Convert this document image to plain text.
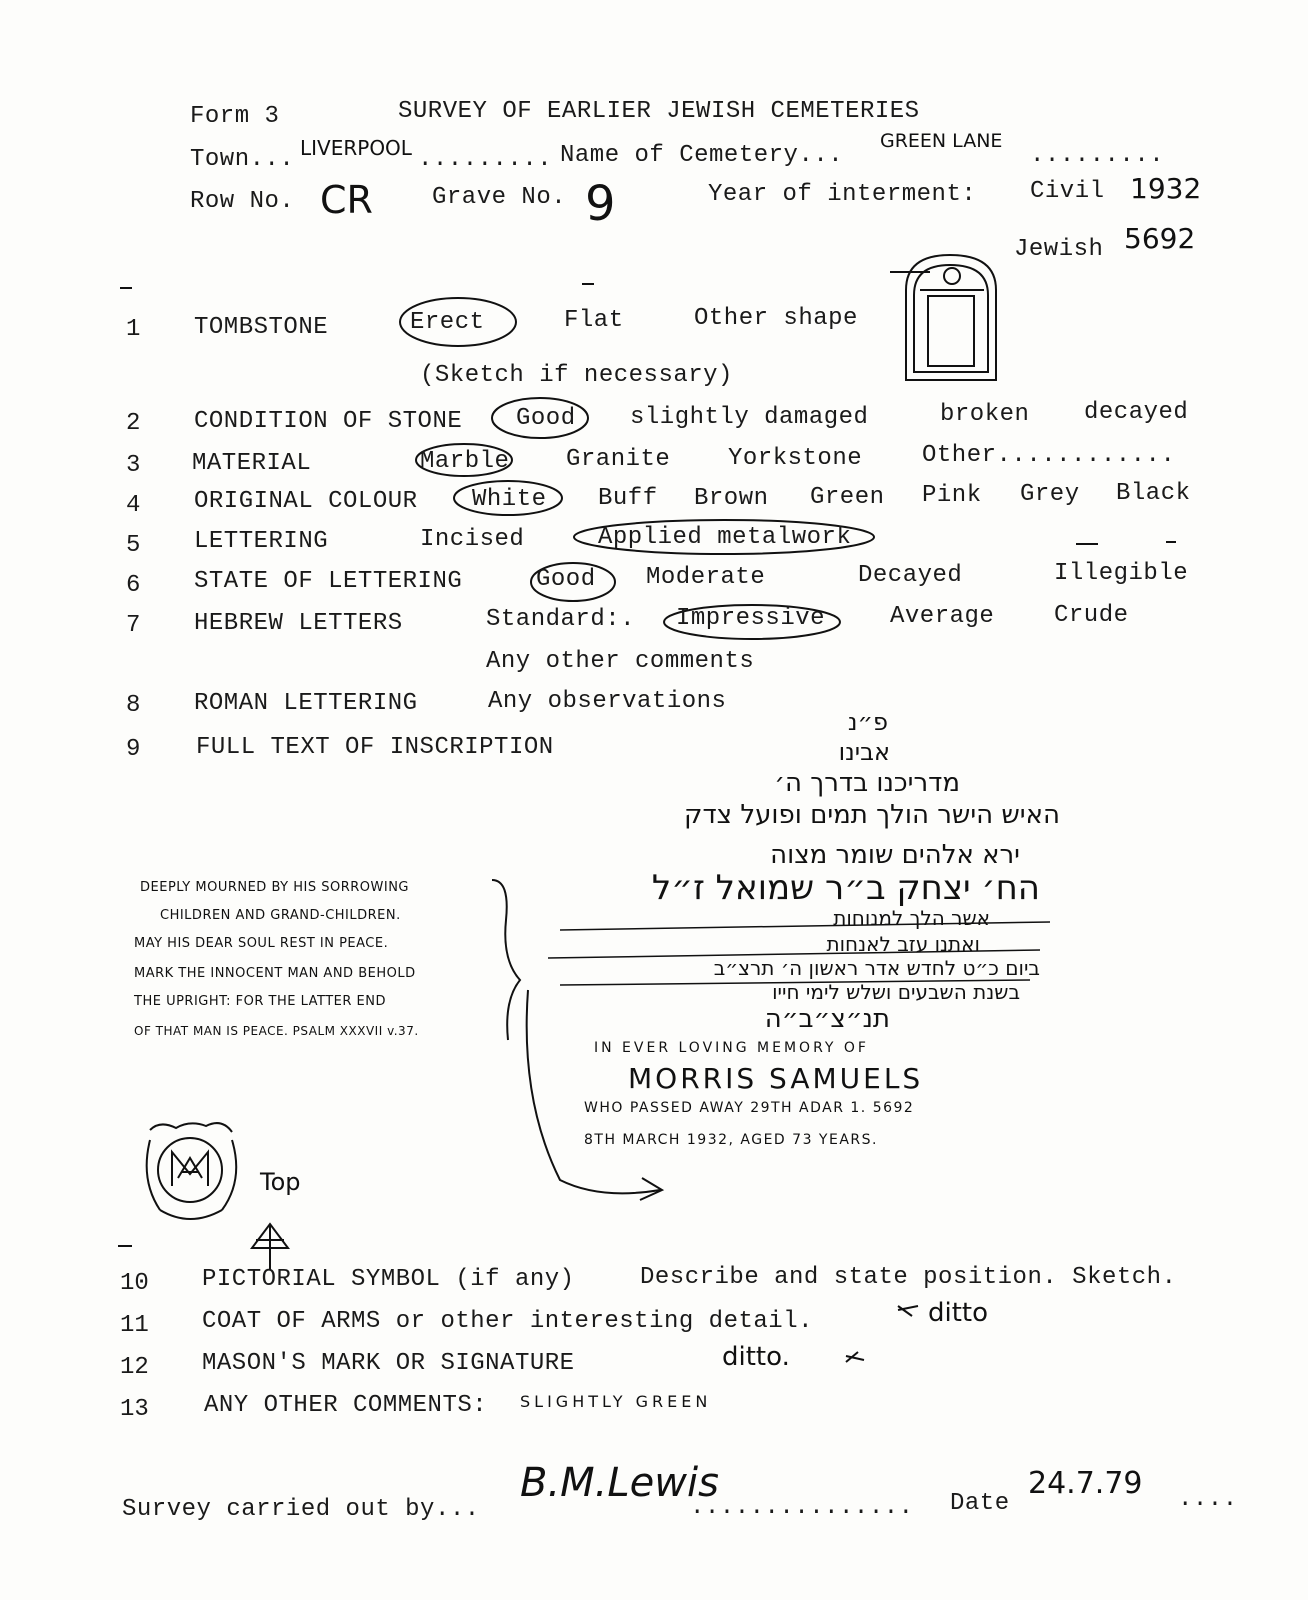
Form 3	SURVEY OF EARLIER JEWISH CEMETERIES
Town... LIVERPOOL ......... Name of Cemetery...
GREEN LANE
.........
Row No. CR Grave No. 9	Year of interment: Civil 1932
Jewish 5692
1 TOMBSTONE	Erect	Flat	Other shape
(Sketch if necessary)
2 CONDITION OF STONE Good slightly damaged	broken decayed
3 MATERIAL	Marble Granite Yorkstone Other............
4 ORIGINAL COLOUR White Buff Brown Green Pink Grey Black
5 LETTERING	Incised	Applied metalwork
6 STATE OF LETTERING	Good Moderate	Decayed	Illegible
7 HEBREW LETTERS	Standard:. Impressive	Average Crude
Any other comments
8 ROMAN LETTERING	Any observations
9 FULL TEXT OF INSCRIPTION
פ״נ
אבינו
מדריכנו בדרך ה׳
האיש הישר הולך תמים ופועל צדק
ירא אלהים שומר מצוה
הח׳ יצחק ב״ר שמואל ז״ל
אשר הלך למנוחות
ואתנו עזב לאנחות
ביום כ״ט לחדש אדר ראשון ה׳ תרצ״ב
בשנת השבעים ושלש לימי חייו
תנ״צ״ב״ה
IN EVER LOVING MEMORY OF
MORRIS SAMUELS
WHO PASSED AWAY 29TH ADAR 1. 5692
8TH MARCH 1932, AGED 73 YEARS.
DEEPLY MOURNED BY HIS SORROWING
CHILDREN AND GRAND-CHILDREN.
MAY HIS DEAR SOUL REST IN PEACE.
MARK THE INNOCENT MAN AND BEHOLD
THE UPRIGHT: FOR THE LATTER END
OF THAT MAN IS PEACE. PSALM XXXVII v.37.
Top
10 PICTORIAL SYMBOL (if any)	Describe and state position. Sketch.
11 COAT OF ARMS or other interesting detail.	ditto
12 MASON'S MARK OR SIGNATURE	ditto.
13 ANY OTHER COMMENTS: SLIGHTLY GREEN
Survey carried out by...
B.M.Lewis
............... Date
24.7.79 ....
